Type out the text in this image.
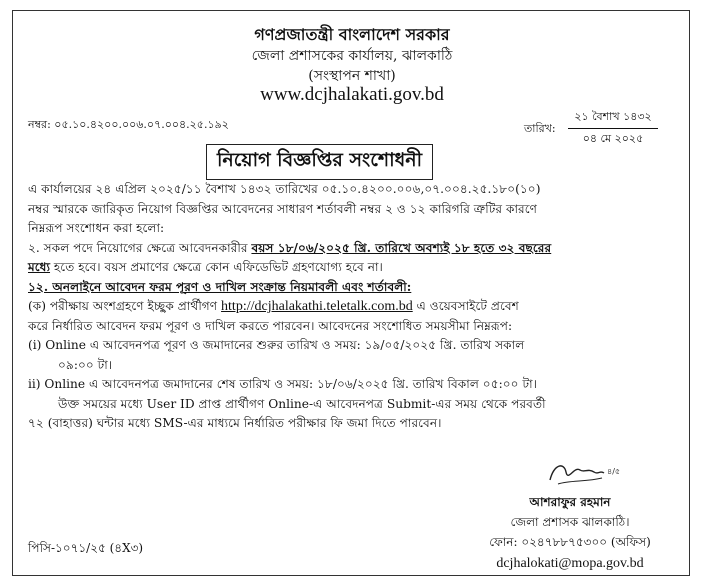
গণপ্রজাতন্ত্রী বাংলাদেশ সরকার
জেলা প্রশাসকের কার্যালয়, ঝালকাঠি
(সংস্থাপন শাখা)
www.dcjhalakati.gov.bd
নম্বর: ০৫.১০.৪২০০.০০৬.০৭.০০৪.২৫.১৯২	তারিখ:
২১ বৈশাখ ১৪৩২
০৪ মে ২০২৫
নিয়োগ বিজ্ঞপ্তির সংশোধনী

এ কার্যালয়ের ২৪ এপ্রিল ২০২৫/১১ বৈশাখ ১৪৩২ তারিখের ০৫.১০.৪২০০.০০৬,০৭.০০৪.২৫.১৮০(১০)

নম্বর স্মারকে জারিকৃত নিয়োগ বিজ্ঞপ্তির আবেদনের সাধারণ শর্তাবলী নম্বর ২ ও ১২ কারিগরি ত্রুটির কারণে

নিম্নরূপ সংশোধন করা হলো:

২. সকল পদে নিয়োগের ক্ষেত্রে আবেদনকারীর বয়স ১৮/০৬/২০২৫ খ্রি. তারিখে অবশ্যই ১৮ হতে ৩২ বছরের

মধ্যে হতে হবে। বয়স প্রমাণের ক্ষেত্রে কোন এফিডেভিট গ্রহণযোগ্য হবে না।

১২. অনলাইনে আবেদন ফরম পূরণ ও দাখিল সংক্রান্ত নিয়মাবলী এবং শর্তাবলী:

(ক) পরীক্ষায় অংশগ্রহণে ইচ্ছুক প্রার্থীগণ http://dcjhalakathi.teletalk.com.bd এ ওয়েবসাইটে প্রবেশ

করে নির্ধারিত আবেদন ফরম পূরণ ও দাখিল করতে পারবেন। আবেদনের সংশোধিত সময়সীমা নিম্নরূপ:

(i) Online এ আবেদনপত্র পূরণ ও জমাদানের শুরুর তারিখ ও সময়: ১৯/০৫/২০২৫ খ্রি. তারিখ সকাল

০৯:০০ টা।

ii) Online এ আবেদনপত্র জমাদানের শেষ তারিখ ও সময়: ১৮/০৬/২০২৫ খ্রি. তারিখ বিকাল ০৫:০০ টা।

উক্ত সময়ের মধ্যে User ID প্রাপ্ত প্রার্থীগণ Online-এ আবেদনপত্র Submit-এর সময় থেকে পরবর্তী

৭২ (বাহাত্তর) ঘন্টার মধ্যে SMS-এর মাধ্যমে নির্ধারিত পরীক্ষার ফি জমা দিতে পারবেন।

৪/৫
আশরাফুর রহমান
জেলা প্রশাসক ঝালকাঠি।
ফোন: ০২৪৭৮৮৭৫৩০০ (অফিস)
dcjhalokati@mopa.gov.bd
পিসি-১০৭১/২৫ (৪X৩)
